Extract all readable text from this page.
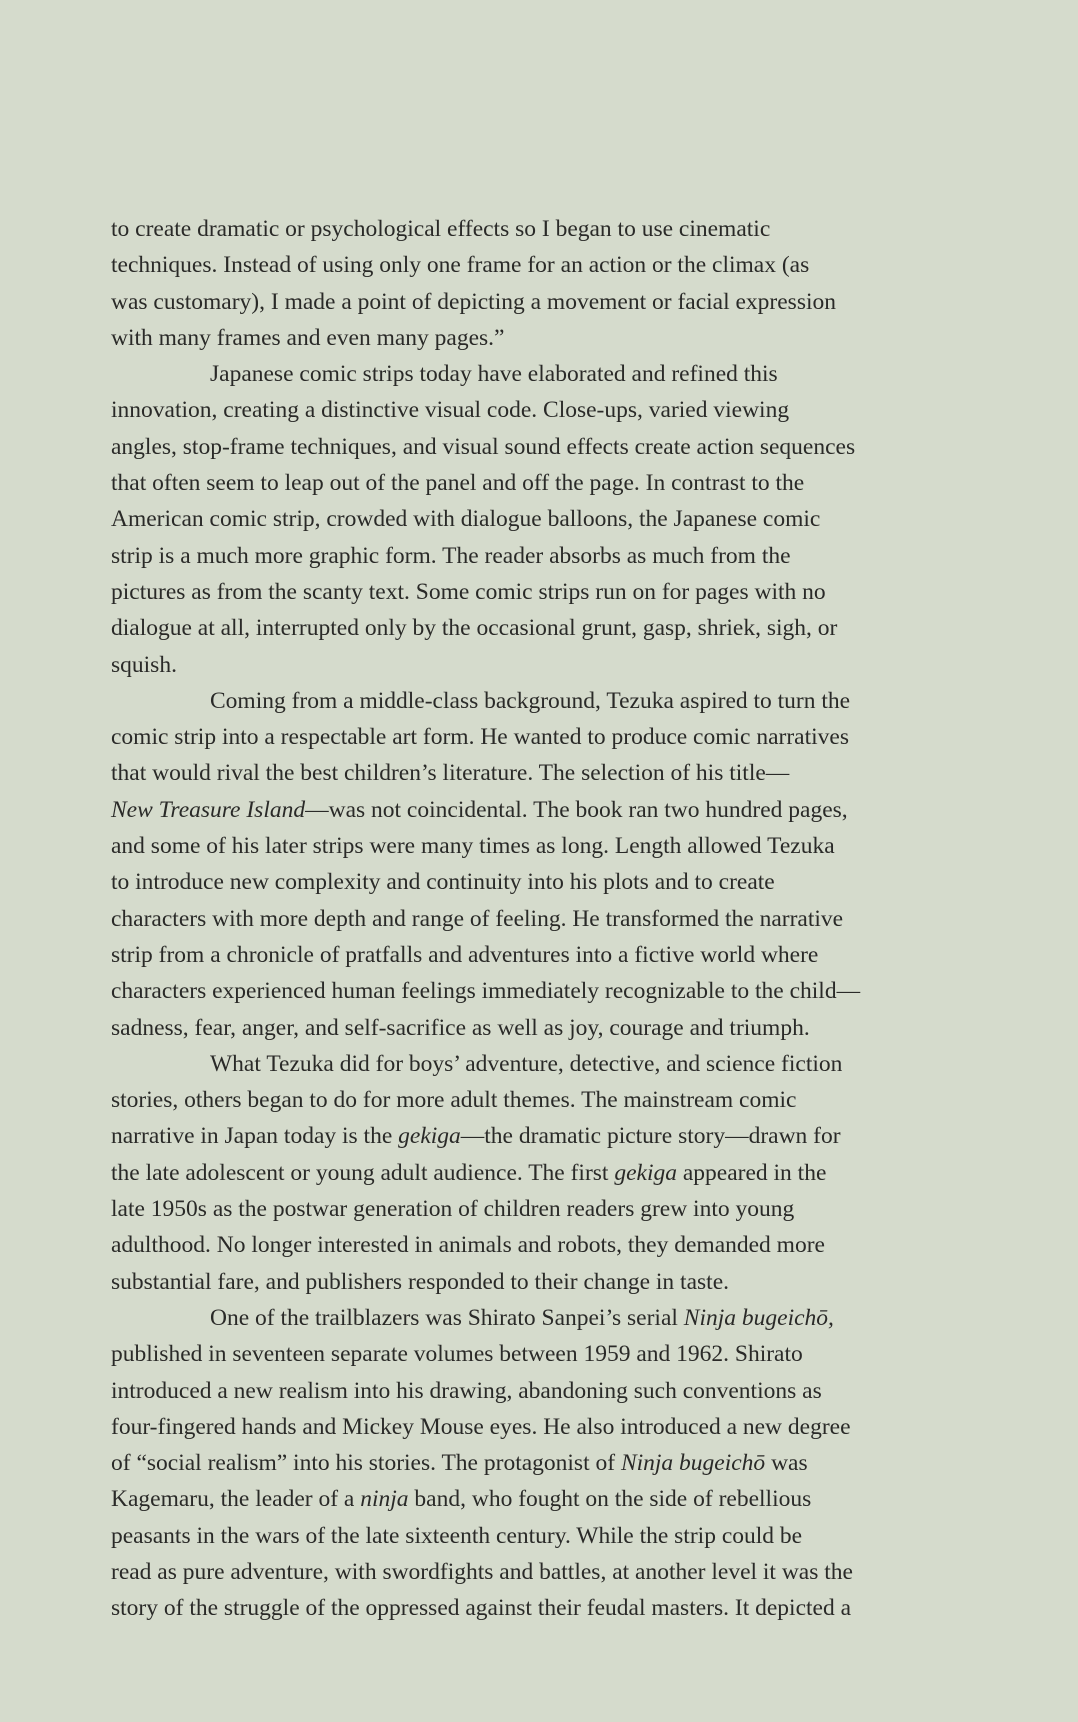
to create dramatic or psychological effects so I began to use cinematic
techniques. Instead of using only one frame for an action or the climax (as
was customary), I made a point of depicting a movement or facial expression
with many frames and even many pages.”

Japanese comic strips today have elaborated and refined this
innovation, creating a distinctive visual code. Close-ups, varied viewing
angles, stop-frame techniques, and visual sound effects create action sequences
that often seem to leap out of the panel and off the page. In contrast to the
American comic strip, crowded with dialogue balloons, the Japanese comic
strip is a much more graphic form. The reader absorbs as much from the
pictures as from the scanty text. Some comic strips run on for pages with no
dialogue at all, interrupted only by the occasional grunt, gasp, shriek, sigh, or
squish.

Coming from a middle-class background, Tezuka aspired to turn the
comic strip into a respectable art form. He wanted to produce comic narratives
that would rival the best children’s literature. The selection of his title—
New Treasure Island—was not coincidental. The book ran two hundred pages,
and some of his later strips were many times as long. Length allowed Tezuka
to introduce new complexity and continuity into his plots and to create
characters with more depth and range of feeling. He transformed the narrative
strip from a chronicle of pratfalls and adventures into a fictive world where
characters experienced human feelings immediately recognizable to the child—
sadness, fear, anger, and self-sacrifice as well as joy, courage and triumph.

What Tezuka did for boys’ adventure, detective, and science fiction
stories, others began to do for more adult themes. The mainstream comic
narrative in Japan today is the gekiga—the dramatic picture story—drawn for
the late adolescent or young adult audience. The first gekiga appeared in the
late 1950s as the postwar generation of children readers grew into young
adulthood. No longer interested in animals and robots, they demanded more
substantial fare, and publishers responded to their change in taste.

One of the trailblazers was Shirato Sanpei’s serial Ninja bugeichō,
published in seventeen separate volumes between 1959 and 1962. Shirato
introduced a new realism into his drawing, abandoning such conventions as
four-fingered hands and Mickey Mouse eyes. He also introduced a new degree
of “social realism” into his stories. The protagonist of Ninja bugeichō was
Kagemaru, the leader of a ninja band, who fought on the side of rebellious
peasants in the wars of the late sixteenth century. While the strip could be
read as pure adventure, with swordfights and battles, at another level it was the
story of the struggle of the oppressed against their feudal masters. It depicted a
